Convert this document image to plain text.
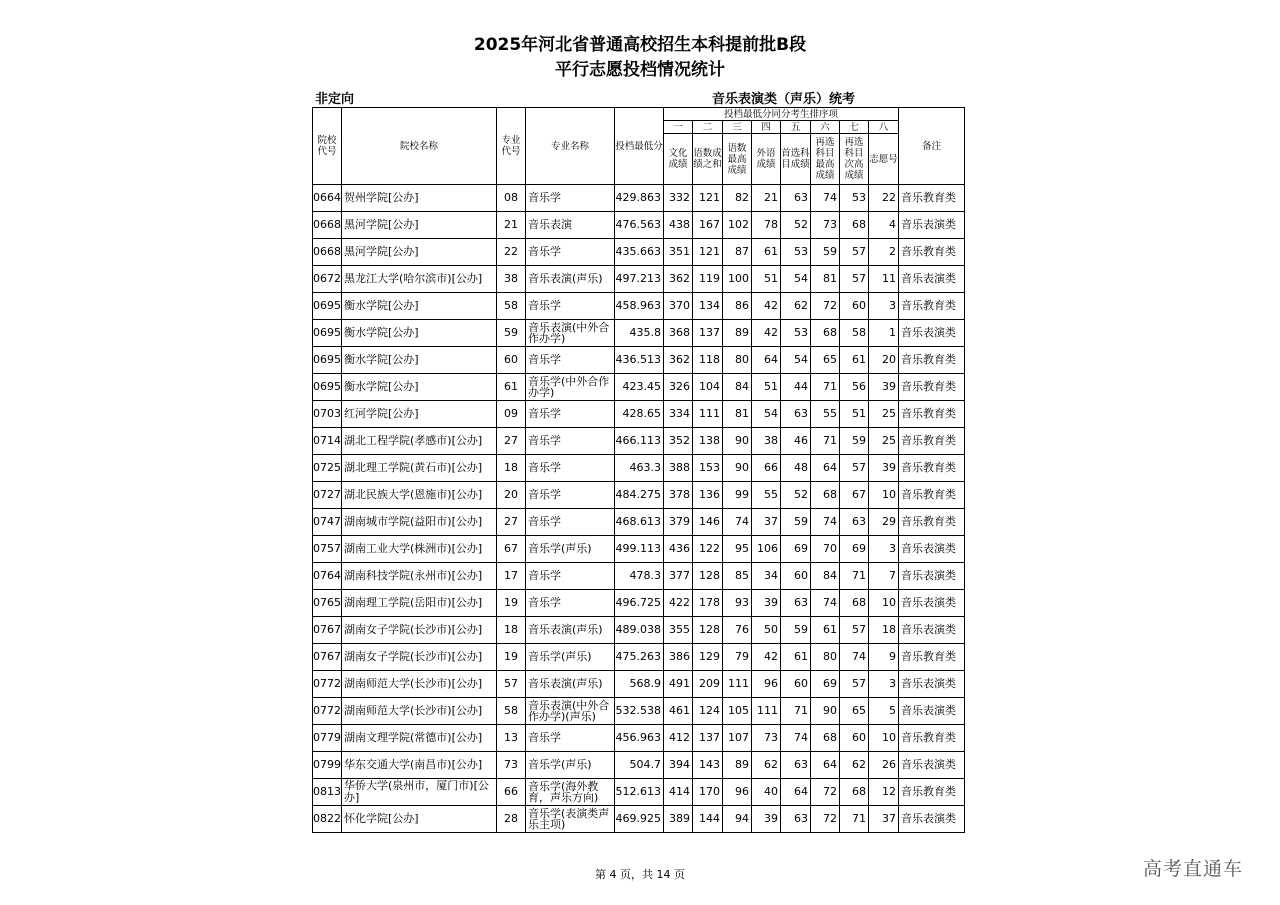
2025年河北省普通高校招生本科提前批B段
平行志愿投档情况统计
非定向	音乐表演类（声乐）统考
院校代号	院校名称	专业代号	专业名称	投档最低分	投档最低分同分考生排序项								备注
					一	二	三	四	五	六	七	八	
					文化成绩	语数成绩之和	语数最高成绩	外语成绩	首选科目成绩	再选科目最高成绩	再选科目次高成绩	志愿号	
0664	贺州学院[公办]	08	音乐学	429.863	332	121	82	21	63	74	53	22	音乐教育类
0668	黑河学院[公办]	21	音乐表演	476.563	438	167	102	78	52	73	68	4	音乐表演类
0668	黑河学院[公办]	22	音乐学	435.663	351	121	87	61	53	59	57	2	音乐教育类
0672	黑龙江大学(哈尔滨市)[公办]	38	音乐表演(声乐)	497.213	362	119	100	51	54	81	57	11	音乐表演类
0695	衡水学院[公办]	58	音乐学	458.963	370	134	86	42	62	72	60	3	音乐教育类
0695	衡水学院[公办]	59	音乐表演(中外合作办学)	435.8	368	137	89	42	53	68	58	1	音乐表演类
0695	衡水学院[公办]	60	音乐学	436.513	362	118	80	64	54	65	61	20	音乐教育类
0695	衡水学院[公办]	61	音乐学(中外合作办学)	423.45	326	104	84	51	44	71	56	39	音乐教育类
0703	红河学院[公办]	09	音乐学	428.65	334	111	81	54	63	55	51	25	音乐教育类
0714	湖北工程学院(孝感市)[公办]	27	音乐学	466.113	352	138	90	38	46	71	59	25	音乐教育类
0725	湖北理工学院(黄石市)[公办]	18	音乐学	463.3	388	153	90	66	48	64	57	39	音乐教育类
0727	湖北民族大学(恩施市)[公办]	20	音乐学	484.275	378	136	99	55	52	68	67	10	音乐教育类
0747	湖南城市学院(益阳市)[公办]	27	音乐学	468.613	379	146	74	37	59	74	63	29	音乐教育类
0757	湖南工业大学(株洲市)[公办]	67	音乐学(声乐)	499.113	436	122	95	106	69	70	69	3	音乐表演类
0764	湖南科技学院(永州市)[公办]	17	音乐学	478.3	377	128	85	34	60	84	71	7	音乐表演类
0765	湖南理工学院(岳阳市)[公办]	19	音乐学	496.725	422	178	93	39	63	74	68	10	音乐表演类
0767	湖南女子学院(长沙市)[公办]	18	音乐表演(声乐)	489.038	355	128	76	50	59	61	57	18	音乐表演类
0767	湖南女子学院(长沙市)[公办]	19	音乐学(声乐)	475.263	386	129	79	42	61	80	74	9	音乐教育类
0772	湖南师范大学(长沙市)[公办]	57	音乐表演(声乐)	568.9	491	209	111	96	60	69	57	3	音乐表演类
0772	湖南师范大学(长沙市)[公办]	58	音乐表演(中外合作办学)(声乐)	532.538	461	124	105	111	71	90	65	5	音乐表演类
0779	湖南文理学院(常德市)[公办]	13	音乐学	456.963	412	137	107	73	74	68	60	10	音乐教育类
0799	华东交通大学(南昌市)[公办]	73	音乐学(声乐)	504.7	394	143	89	62	63	64	62	26	音乐表演类
0813	华侨大学(泉州市，厦门市)[公办]	66	音乐学(海外教育，声乐方向)	512.613	414	170	96	40	64	72	68	12	音乐教育类
0822	怀化学院[公办]	28	音乐学(表演类声乐主项)	469.925	389	144	94	39	63	72	71	37	音乐表演类
第 4 页，共 14 页	高考直通车
